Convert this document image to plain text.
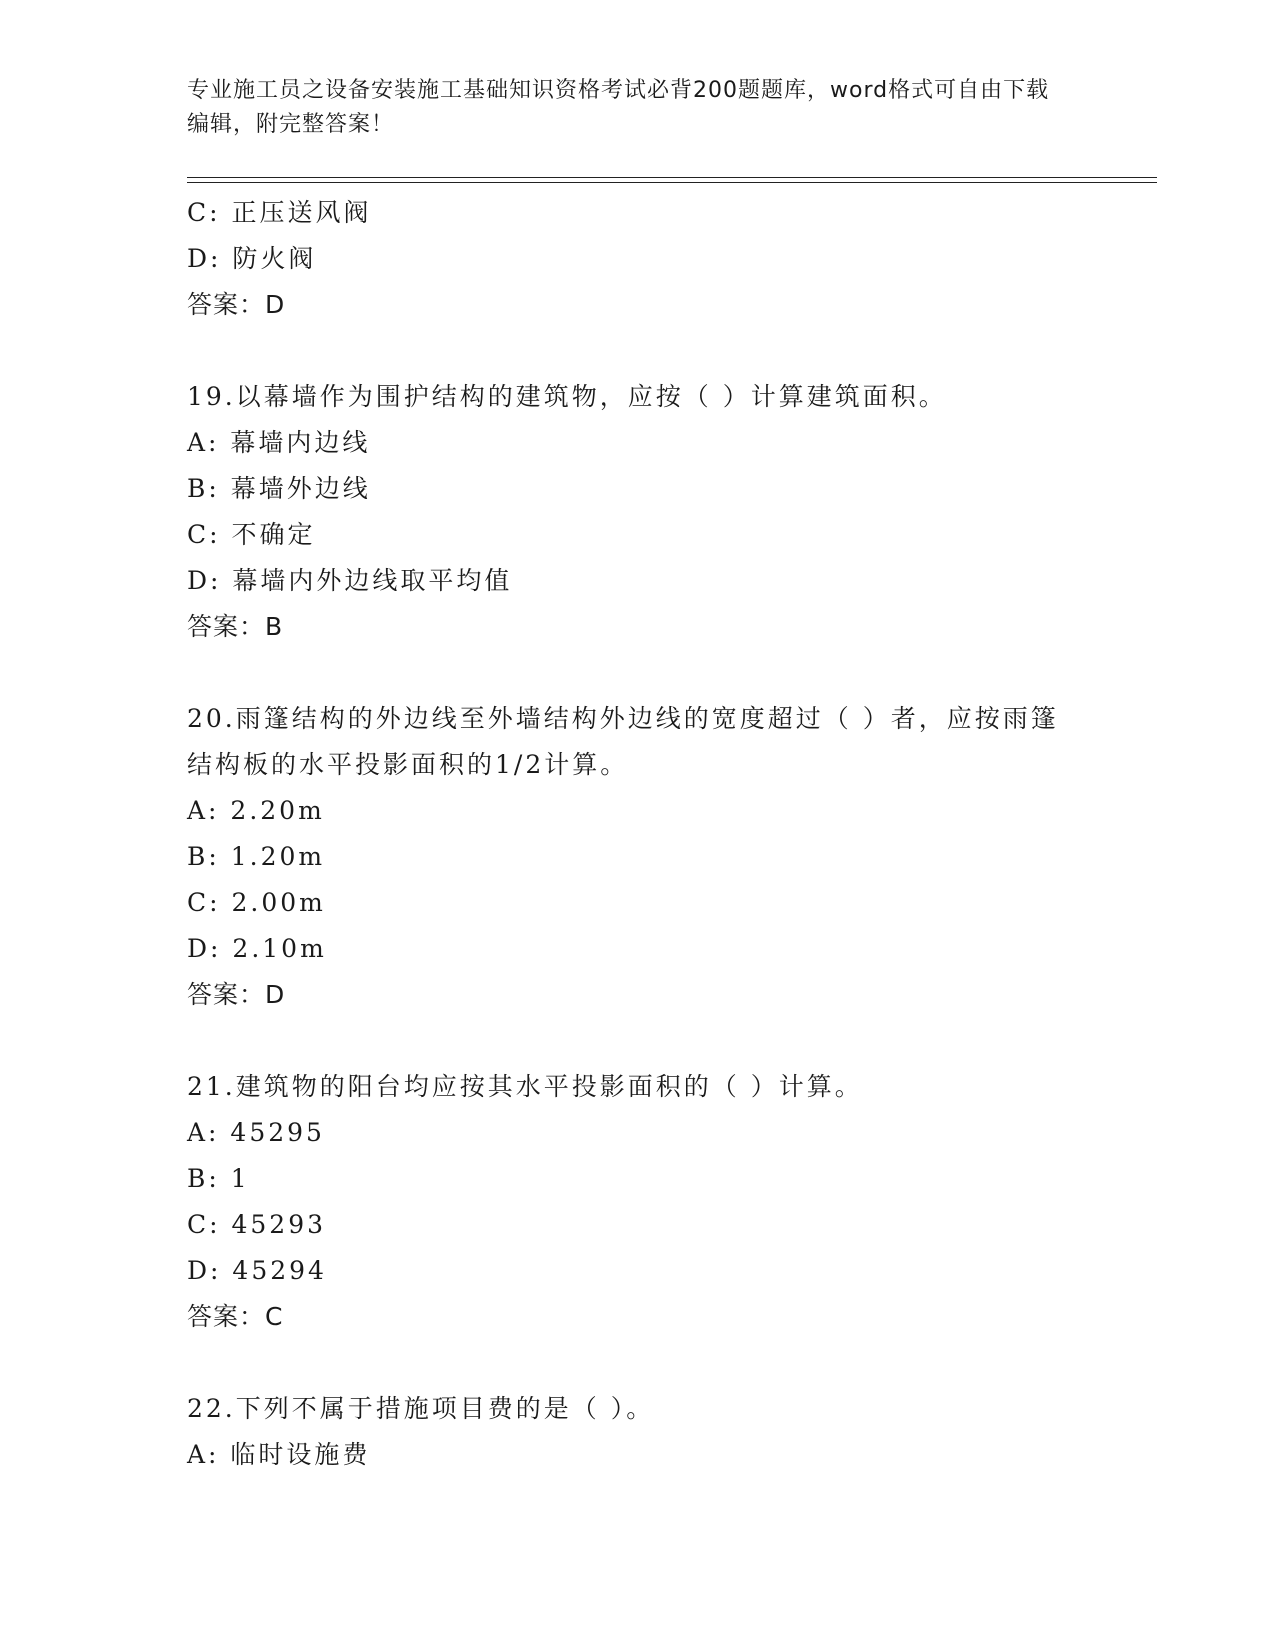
专业施工员之设备安装施工基础知识资格考试必背200题题库，word格式可自由下载编辑，附完整答案！
C: 正压送风阀
D: 防火阀
答案：D
19.以幕墙作为围护结构的建筑物，应按（ ）计算建筑面积。
A: 幕墙内边线
B: 幕墙外边线
C: 不确定
D: 幕墙内外边线取平均值
答案：B
20.雨篷结构的外边线至外墙结构外边线的宽度超过（ ）者，应按雨篷结构板的水平投影面积的1/2计算。
A: 2.20m
B: 1.20m
C: 2.00m
D: 2.10m
答案：D
21.建筑物的阳台均应按其水平投影面积的（ ）计算。
A: 45295
B: 1
C: 45293
D: 45294
答案：C
22.下列不属于措施项目费的是（ ）。
A: 临时设施费
